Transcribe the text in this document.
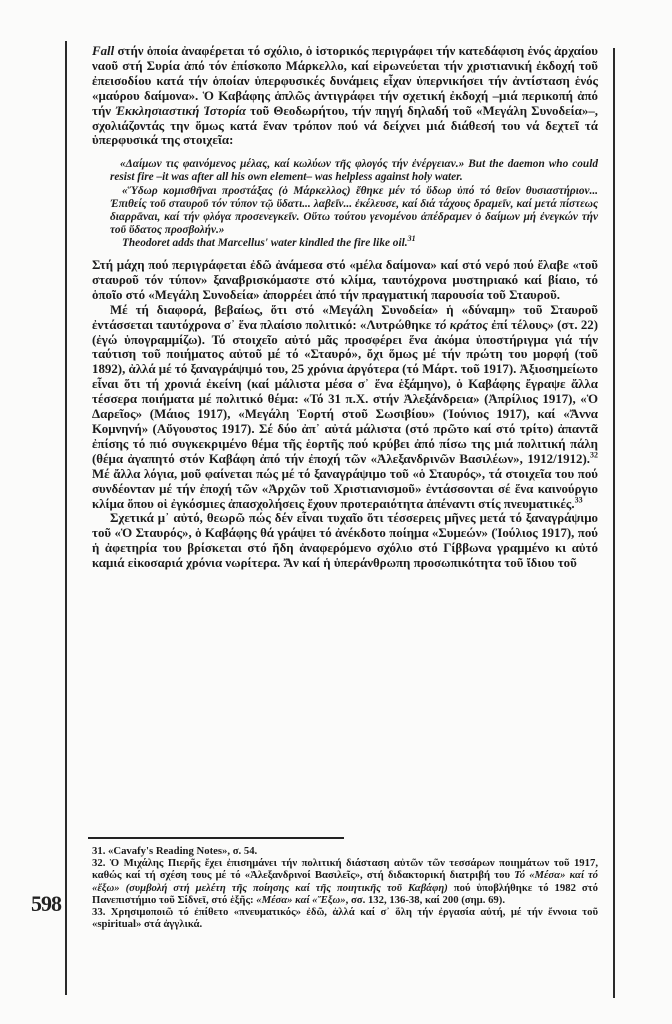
598

Fall στήν ὁποία ἀναφέρεται τό σχόλιο, ὁ ἱστορικός περιγράφει τήν κατεδάφιση ἑνός ἀρχαίου ναοῦ στή Συρία ἀπό τόν ἐπίσκοπο Μάρκελλο, καί εἰρωνεύεται τήν χριστιανική ἐκδοχή τοῦ ἐπεισοδίου κατά τήν ὁποίαν ὑπερφυσικές δυνάμεις εἶχαν ὑπερνικήσει τήν ἀντίσταση ἑνός «μαύρου δαίμονα». Ὁ Καβάφης ἁπλῶς ἀντιγράφει τήν σχετική ἐκδοχή –μιά περικοπή ἀπό τήν Ἐκκλησιαστική Ἱστορία τοῦ Θεοδωρήτου, τήν πηγή δηλαδή τοῦ «Μεγάλη Συνοδεία»–, σχολιάζοντάς την ὅμως κατά ἕναν τρόπον πού νά δείχνει μιά διάθεσή του νά δεχτεῖ τά ὑπερφυσικά της στοιχεῖα:

«Δαίμων τις φαινόμενος μέλας, καί κωλύων τῆς φλογός τήν ἐνέργειαν.» But the daemon who could resist fire –it was after all his own element– was helpless against holy water.

«Ὕδωρ κομισθῆναι προστάξας (ὁ Μάρκελλος) ἔθηκε μέν τό ὕδωρ ὑπό τό θεῖον θυσιαστήριον... Ἐπιθείς τοῦ σταυροῦ τόν τύπον τῷ ὕδατι... λαβεῖν... ἐκέλευσε, καί διά τάχους δραμεῖν, καί μετά πίστεως διαρρᾶναι, καί τήν φλόγα προσενεγκεῖν. Οὕτω τούτου γενομένου ἀπέδραμεν ὁ δαίμων μή ἐνεγκών τήν τοῦ ὕδατος προσβολήν.»

Theodoret adds that Marcellus' water kindled the fire like oil.$^{31}$

Στή μάχη πού περιγράφεται ἐδῶ ἀνάμεσα στό «μέλα δαίμονα» καί στό νερό πού ἔλαβε «τοῦ σταυροῦ τόν τύπον» ξαναβρισκόμαστε στό κλίμα, ταυτόχρονα μυστηριακό καί βίαιο, τό ὁποῖο στό «Μεγάλη Συνοδεία» ἀπορρέει ἀπό τήν πραγματική παρουσία τοῦ Σταυροῦ.

Μέ τή διαφορά, βεβαίως, ὅτι στό «Μεγάλη Συνοδεία» ἡ «δύναμη» τοῦ Σταυροῦ ἐντάσσεται ταυτόχρονα σ᾽ ἕνα πλαίσιο πολιτικό: «Λυτρώθηκε τό κράτος ἐπί τέλους» (στ. 22) (ἐγώ ὑπογραμμίζω). Τό στοιχεῖο αὐτό μᾶς προσφέρει ἕνα ἀκόμα ὑποστήριγμα γιά τήν ταύτιση τοῦ ποιήματος αὐτοῦ μέ τό «Σταυρό», ὄχι ὅμως μέ τήν πρώτη του μορφή (τοῦ 1892), ἀλλά μέ τό ξαναγράψιμό του, 25 χρόνια ἀργότερα (τό Μάρτ. τοῦ 1917). Ἀξιοσημείωτο εἶναι ὅτι τή χρονιά ἐκείνη (καί μάλιστα μέσα σ᾽ ἕνα ἑξάμηνο), ὁ Καβάφης ἔγραψε ἄλλα τέσσερα ποιήματα μέ πολιτικό θέμα: «Τό 31 π.Χ. στήν Ἀλεξάνδρεια» (Ἀπρίλιος 1917), «Ὁ Δαρεῖος» (Μάιος 1917), «Μεγάλη Ἑορτή στοῦ Σωσιβίου» (Ἰούνιος 1917), καί «Ἄννα Κομνηνή» (Αὔγουστος 1917). Σέ δύο ἀπ᾽ αὐτά μάλιστα (στό πρῶτο καί στό τρίτο) ἀπαντᾶ ἐπίσης τό πιό συγκεκριμένο θέμα τῆς ἑορτῆς πού κρύβει ἀπό πίσω της μιά πολιτική πάλη (θέμα ἀγαπητό στόν Καβάφη ἀπό τήν ἐποχή τῶν «Ἀλεξανδρινῶν Βασιλέων», 1912/1912).$^{32}$ Μέ ἄλλα λόγια, μοῦ φαίνεται πώς μέ τό ξαναγράψιμο τοῦ «ὁ Σταυρός», τά στοιχεῖα του πού συνδέονταν μέ τήν ἐποχή τῶν «Ἀρχῶν τοῦ Χριστιανισμοῦ» ἐντάσσονται σέ ἕνα καινούργιο κλίμα ὅπου οἱ ἐγκόσμιες ἀπασχολήσεις ἔχουν προτεραιότητα ἀπέναντι στίς πνευματικές.$^{33}$

Σχετικά μ᾽ αὐτό, θεωρῶ πώς δέν εἶναι τυχαῖο ὅτι τέσσερεις μῆνες μετά τό ξαναγράψιμο τοῦ «Ὁ Σταυρός», ὁ Καβάφης θά γράψει τό ἀνέκδοτο ποίημα «Συμεών» (Ἰούλιος 1917), πού ἡ ἀφετηρία του βρίσκεται στό ἤδη ἀναφερόμενο σχόλιο στό Γίββωνα γραμμένο κι αὐτό καμιά εἰκοσαριά χρόνια νωρίτερα. Ἄν καί ἡ ὑπεράνθρωπη προσωπικότητα τοῦ ἴδιου τοῦ

31. «Cavafy's Reading Notes», σ. 54.

32. Ὁ Μιχάλης Πιερῆς ἔχει ἐπισημάνει τήν πολιτική διάσταση αὐτῶν τῶν τεσσάρων ποιημάτων τοῦ 1917, καθώς καί τή σχέση τους μέ τό «Ἀλεξανδρινοί Βασιλεῖς», στή διδακτορική διατριβή του Τό «Μέσα» καί τό «ἔξω» (συμβολή στή μελέτη τῆς ποίησης καί τῆς ποιητικῆς τοῦ Καβάφη) πού ὑποβλήθηκε τό 1982 στό Πανεπιστήμιο τοῦ Σίδνεϊ, στό ἑξῆς: «Μέσα» καί «Ἔξω», σσ. 132, 136-38, καί 200 (σημ. 69).

33. Χρησιμοποιῶ τό ἐπίθετο «πνευματικός» ἐδῶ, ἀλλά καί σ᾽ ὅλη τήν ἐργασία αὐτή, μέ τήν ἔννοια τοῦ «spiritual» στά ἀγγλικά.
